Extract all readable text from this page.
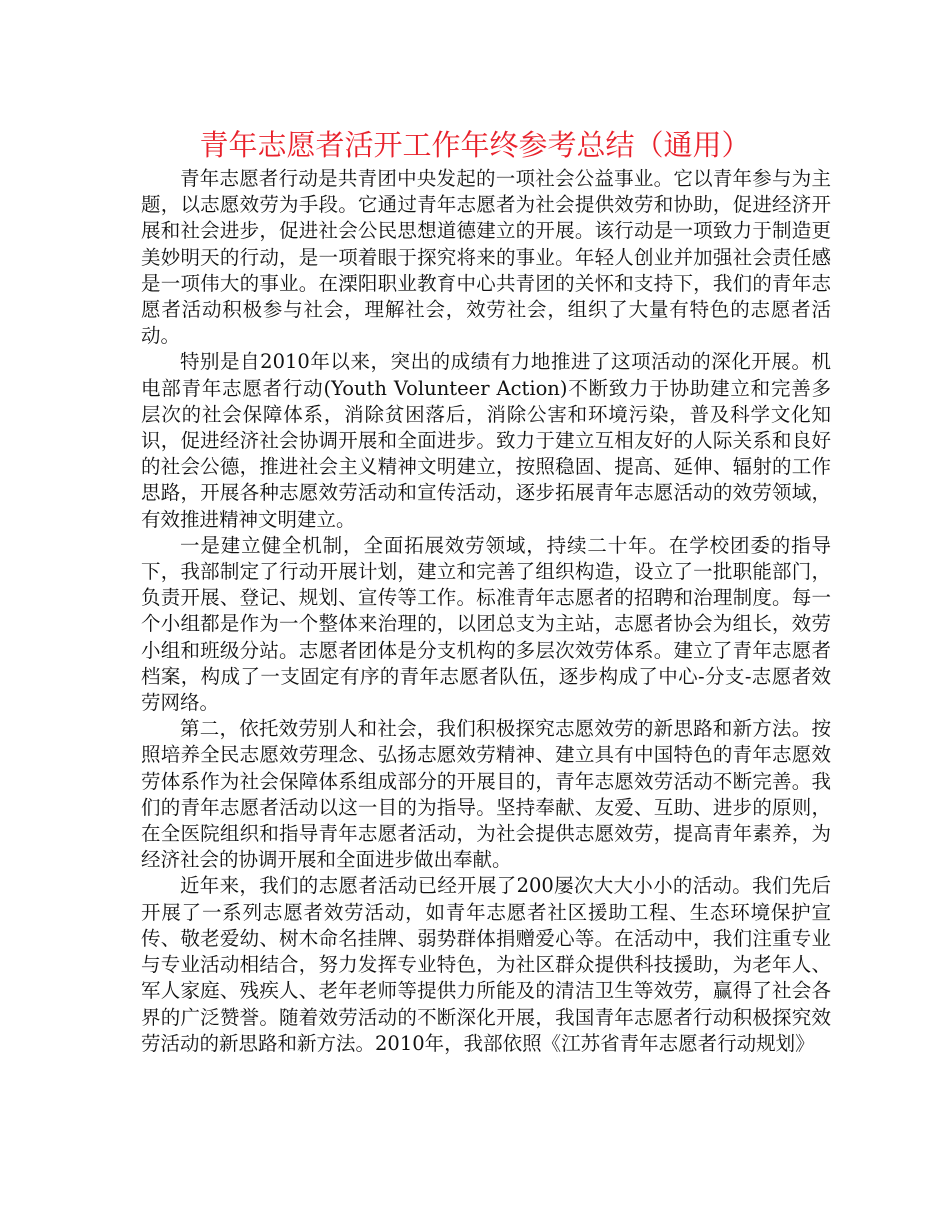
青年志愿者活开工作年终参考总结（通用）

青年志愿者行动是共青团中央发起的一项社会公益事业。它以青年参与为主题，以志愿效劳为手段。它通过青年志愿者为社会提供效劳和协助，促进经济开展和社会进步，促进社会公民思想道德建立的开展。该行动是一项致力于制造更美妙明天的行动，是一项着眼于探究将来的事业。年轻人创业并加强社会责任感是一项伟大的事业。在溧阳职业教育中心共青团的关怀和支持下，我们的青年志愿者活动积极参与社会，理解社会，效劳社会，组织了大量有特色的志愿者活动。

特别是自2010年以来，突出的成绩有力地推进了这项活动的深化开展。机电部青年志愿者行动(Youth Volunteer Action)不断致力于协助建立和完善多层次的社会保障体系，消除贫困落后，消除公害和环境污染，普及科学文化知识，促进经济社会协调开展和全面进步。致力于建立互相友好的人际关系和良好的社会公德，推进社会主义精神文明建立，按照稳固、提高、延伸、辐射的工作思路，开展各种志愿效劳活动和宣传活动，逐步拓展青年志愿活动的效劳领域，有效推进精神文明建立。

一是建立健全机制，全面拓展效劳领域，持续二十年。在学校团委的指导下，我部制定了行动开展计划，建立和完善了组织构造，设立了一批职能部门，负责开展、登记、规划、宣传等工作。标准青年志愿者的招聘和治理制度。每一个小组都是作为一个整体来治理的，以团总支为主站，志愿者协会为组长，效劳小组和班级分站。志愿者团体是分支机构的多层次效劳体系。建立了青年志愿者档案，构成了一支固定有序的青年志愿者队伍，逐步构成了中心-分支-志愿者效劳网络。

第二，依托效劳别人和社会，我们积极探究志愿效劳的新思路和新方法。按照培养全民志愿效劳理念、弘扬志愿效劳精神、建立具有中国特色的青年志愿效劳体系作为社会保障体系组成部分的开展目的，青年志愿效劳活动不断完善。我们的青年志愿者活动以这一目的为指导。坚持奉献、友爱、互助、进步的原则，在全医院组织和指导青年志愿者活动，为社会提供志愿效劳，提高青年素养，为经济社会的协调开展和全面进步做出奉献。

近年来，我们的志愿者活动已经开展了200屡次大大小小的活动。我们先后开展了一系列志愿者效劳活动，如青年志愿者社区援助工程、生态环境保护宣传、敬老爱幼、树木命名挂牌、弱势群体捐赠爱心等。在活动中，我们注重专业与专业活动相结合，努力发挥专业特色，为社区群众提供科技援助，为老年人、军人家庭、残疾人、老年老师等提供力所能及的清洁卫生等效劳，赢得了社会各界的广泛赞誉。随着效劳活动的不断深化开展，我国青年志愿者行动积极探究效劳活动的新思路和新方法。2010年，我部依照《江苏省青年志愿者行动规划》
